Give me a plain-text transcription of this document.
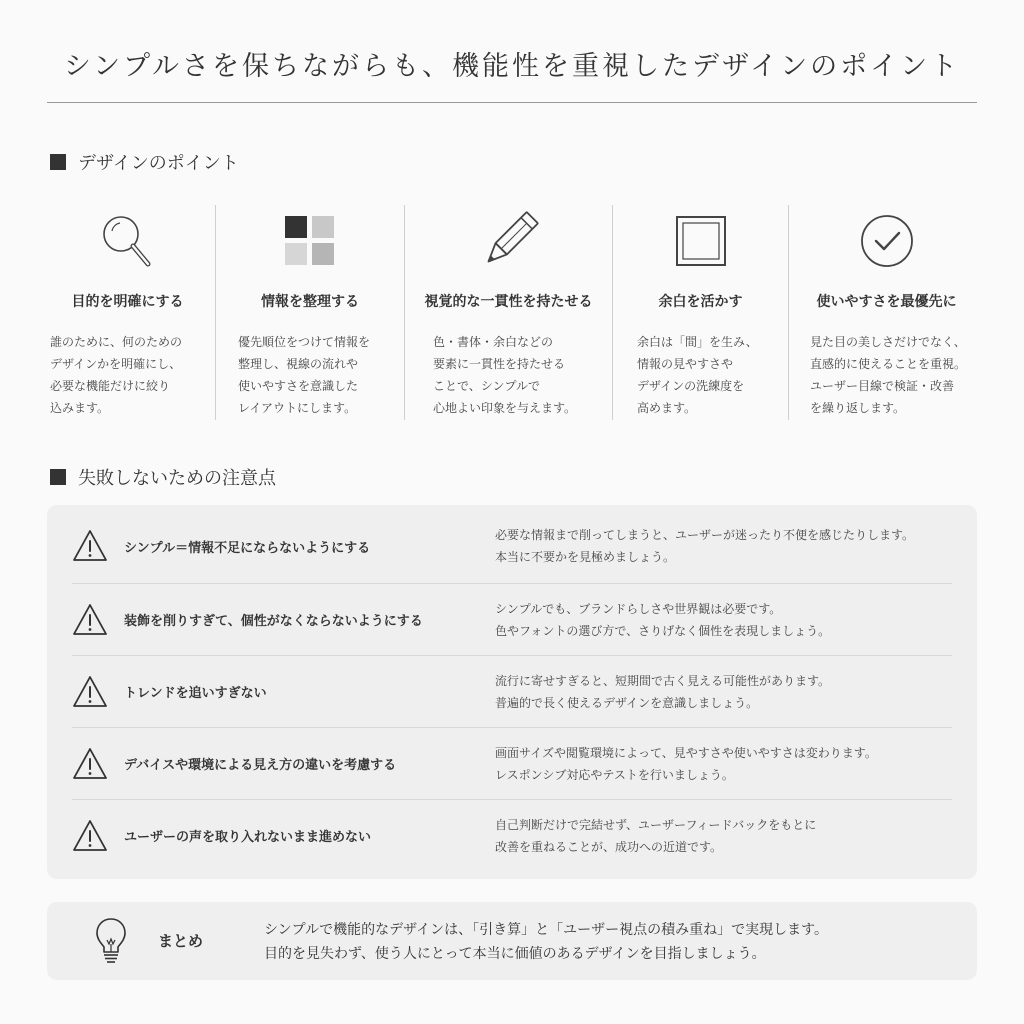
シンプルさを保ちながらも、機能性を重視したデザインのポイント
デザインのポイント
目的を明確にする
誰のために、何のための
デザインかを明確にし、
必要な機能だけに絞り
込みます。
情報を整理する
優先順位をつけて情報を
整理し、視線の流れや
使いやすさを意識した
レイアウトにします。
視覚的な一貫性を持たせる
色・書体・余白などの
要素に一貫性を持たせる
ことで、シンプルで
心地よい印象を与えます。
余白を活かす
余白は「間」を生み、
情報の見やすさや
デザインの洗練度を
高めます。
使いやすさを最優先に
見た目の美しさだけでなく、
直感的に使えることを重視。
ユーザー目線で検証・改善
を繰り返します。
失敗しないための注意点
シンプル＝情報不足にならないようにする
必要な情報まで削ってしまうと、ユーザーが迷ったり不便を感じたりします。
本当に不要かを見極めましょう。
装飾を削りすぎて、個性がなくならないようにする
シンプルでも、ブランドらしさや世界観は必要です。
色やフォントの選び方で、さりげなく個性を表現しましょう。
トレンドを追いすぎない
流行に寄せすぎると、短期間で古く見える可能性があります。
普遍的で長く使えるデザインを意識しましょう。
デバイスや環境による見え方の違いを考慮する
画面サイズや閲覧環境によって、見やすさや使いやすさは変わります。
レスポンシブ対応やテストを行いましょう。
ユーザーの声を取り入れないまま進めない
自己判断だけで完結せず、ユーザーフィードバックをもとに
改善を重ねることが、成功への近道です。
まとめ
シンプルで機能的なデザインは、「引き算」と「ユーザー視点の積み重ね」で実現します。
目的を見失わず、使う人にとって本当に価値のあるデザインを目指しましょう。
